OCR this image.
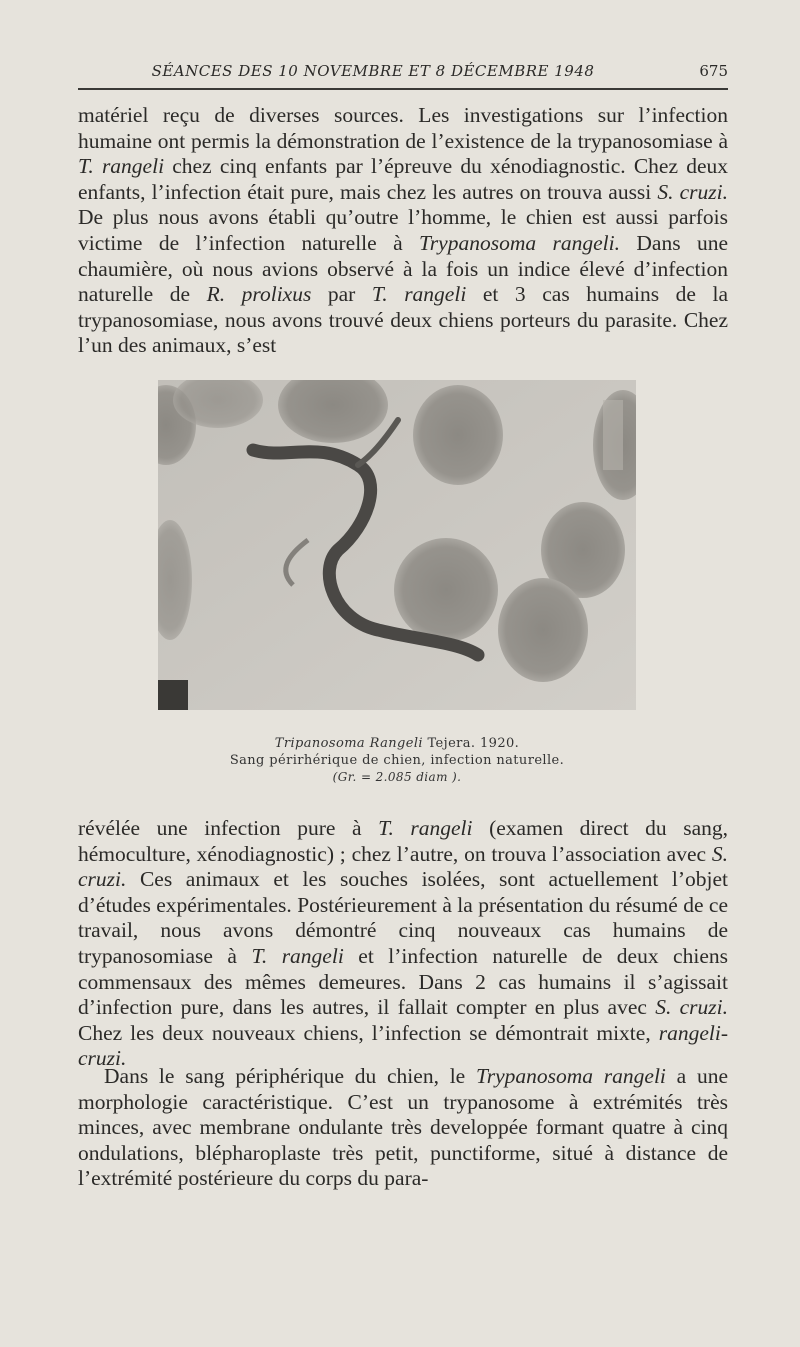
SÉANCES DES 10 NOVEMBRE ET 8 DÉCEMBRE 1948	675

matériel reçu de diverses sources. Les investigations sur l’infection humaine ont permis la démonstration de l’existence de la trypanosomiase à T. rangeli chez cinq enfants par l’épreuve du xénodiagnostic. Chez deux enfants, l’infection était pure, mais chez les autres on trouva aussi S. cruzi. De plus nous avons établi qu’outre l’homme, le chien est aussi parfois victime de l’infection naturelle à Trypanosoma rangeli. Dans une chaumière, où nous avions observé à la fois un indice élevé d’infection naturelle de R. prolixus par T. rangeli et 3 cas humains de la trypanosomiase, nous avons trouvé deux chiens porteurs du parasite. Chez l’un des animaux, s’est

Tripanosoma Rangeli Tejera. 1920.
Sang périrhérique de chien, infection naturelle.
(Gr. = 2.085 diam ).

révélée une infection pure à T. rangeli (examen direct du sang, hémoculture, xénodiagnostic) ; chez l’autre, on trouva l’association avec S. cruzi. Ces animaux et les souches isolées, sont actuellement l’objet d’études expérimentales. Postérieurement à la présentation du résumé de ce travail, nous avons démontré cinq nouveaux cas humains de trypanosomiase à T. rangeli et l’infection naturelle de deux chiens commensaux des mêmes demeures. Dans 2 cas humains il s’agissait d’infection pure, dans les autres, il fallait compter en plus avec S. cruzi. Chez les deux nouveaux chiens, l’infection se démontrait mixte, rangeli-cruzi.

Dans le sang périphérique du chien, le Trypanosoma rangeli a une morphologie caractéristique. C’est un trypanosome à extrémités très minces, avec membrane ondulante très developpée formant quatre à cinq ondulations, blépharoplaste très petit, punctiforme, situé à distance de l’extrémité postérieure du corps du para-
